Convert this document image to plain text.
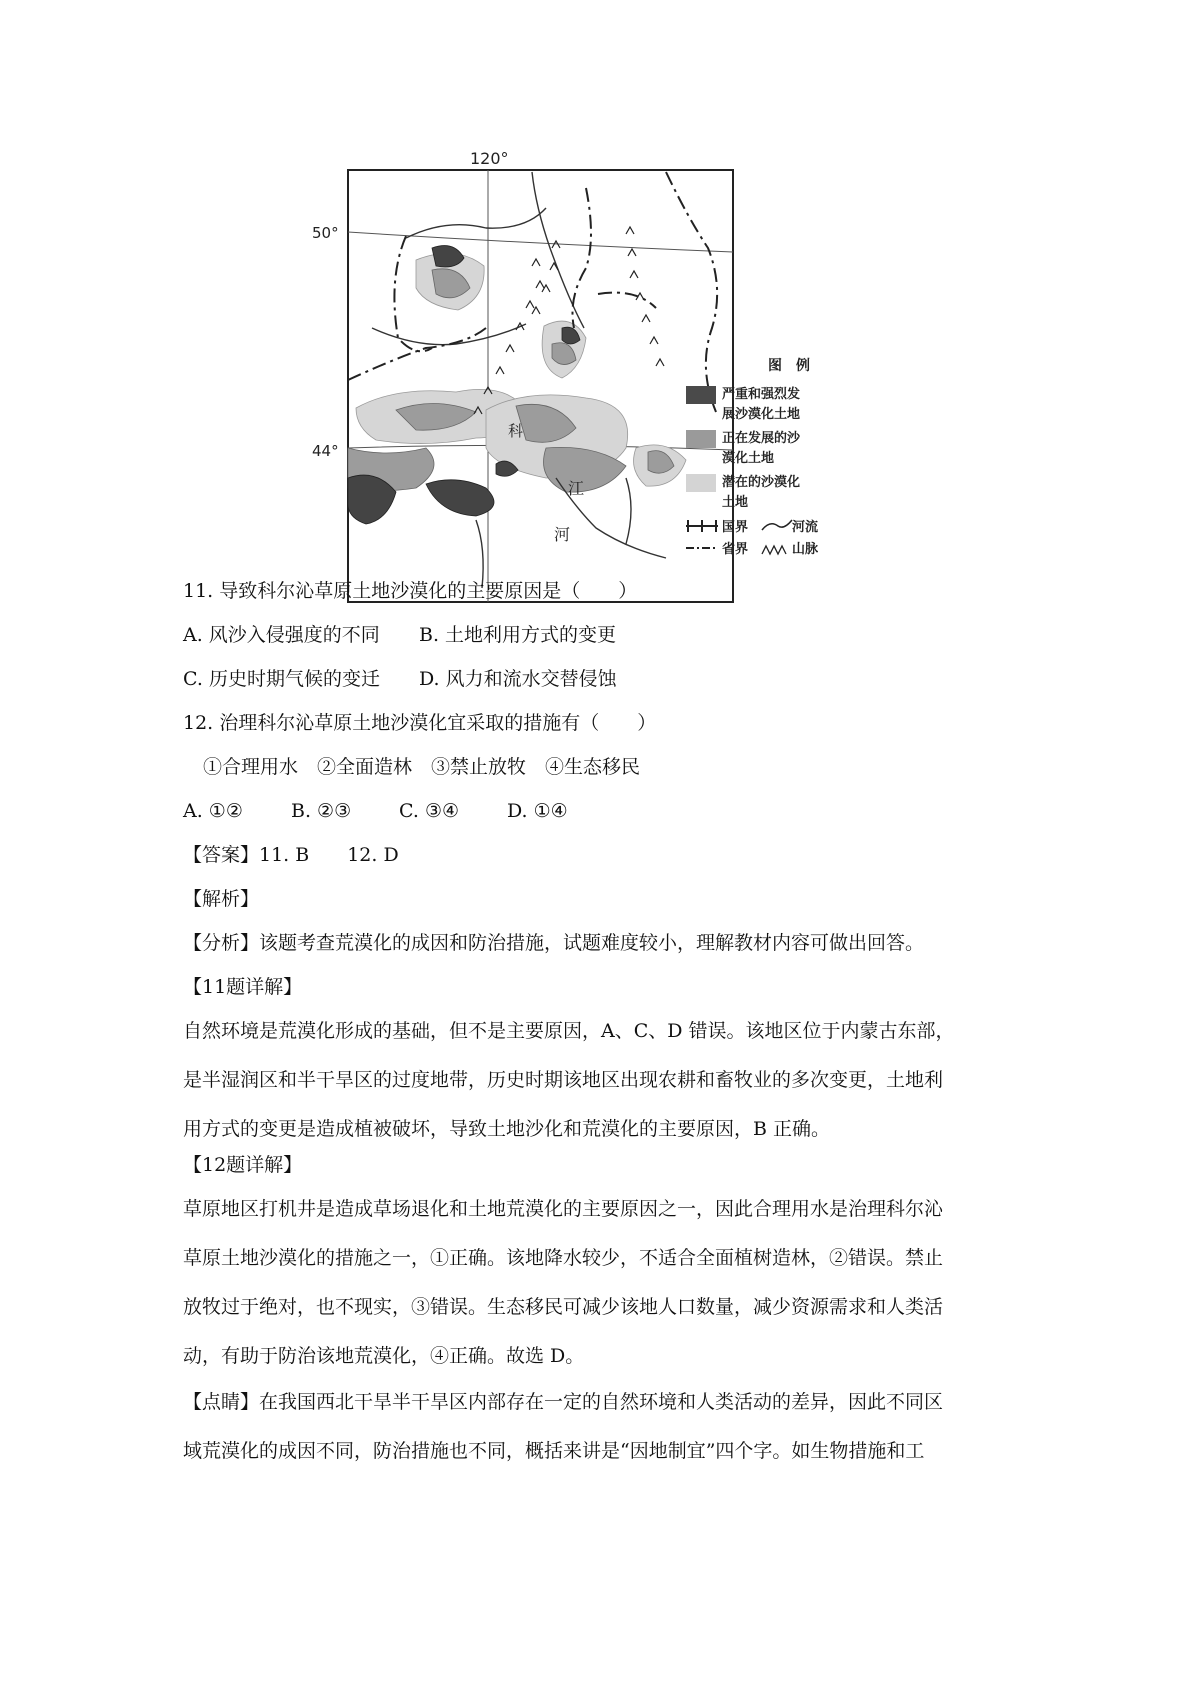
120°
50°
44°
科
江
河
图　例
严重和强烈发
展沙漠化土地
正在发展的沙
漠化土地
潜在的沙漠化
土地
国界	河流
省界	山脉
11. 导致科尔沁草原土地沙漠化的主要原因是（　　）
A. 风沙入侵强度的不同 B. 土地利用方式的变更
C. 历史时期气候的变迁 D. 风力和流水交替侵蚀
12. 治理科尔沁草原土地沙漠化宜采取的措施有（　　）
①合理用水　②全面造林　③禁止放牧　④生态移民
A. ①②	B. ②③	C. ③④	D. ①④
【答案】11. B　　12. D
【解析】
【分析】该题考查荒漠化的成因和防治措施，试题难度较小，理解教材内容可做出回答。
【11题详解】
自然环境是荒漠化形成的基础，但不是主要原因，A、C、D 错误。该地区位于内蒙古东部，
是半湿润区和半干旱区的过度地带，历史时期该地区出现农耕和畜牧业的多次变更，土地利
用方式的变更是造成植被破坏，导致土地沙化和荒漠化的主要原因，B 正确。
【12题详解】
草原地区打机井是造成草场退化和土地荒漠化的主要原因之一，因此合理用水是治理科尔沁
草原土地沙漠化的措施之一，①正确。该地降水较少，不适合全面植树造林，②错误。禁止
放牧过于绝对，也不现实，③错误。生态移民可减少该地人口数量，减少资源需求和人类活
动，有助于防治该地荒漠化，④正确。故选 D。
【点睛】在我国西北干旱半干旱区内部存在一定的自然环境和人类活动的差异，因此不同区
域荒漠化的成因不同，防治措施也不同，概括来讲是“因地制宜”四个字。如生物措施和工
